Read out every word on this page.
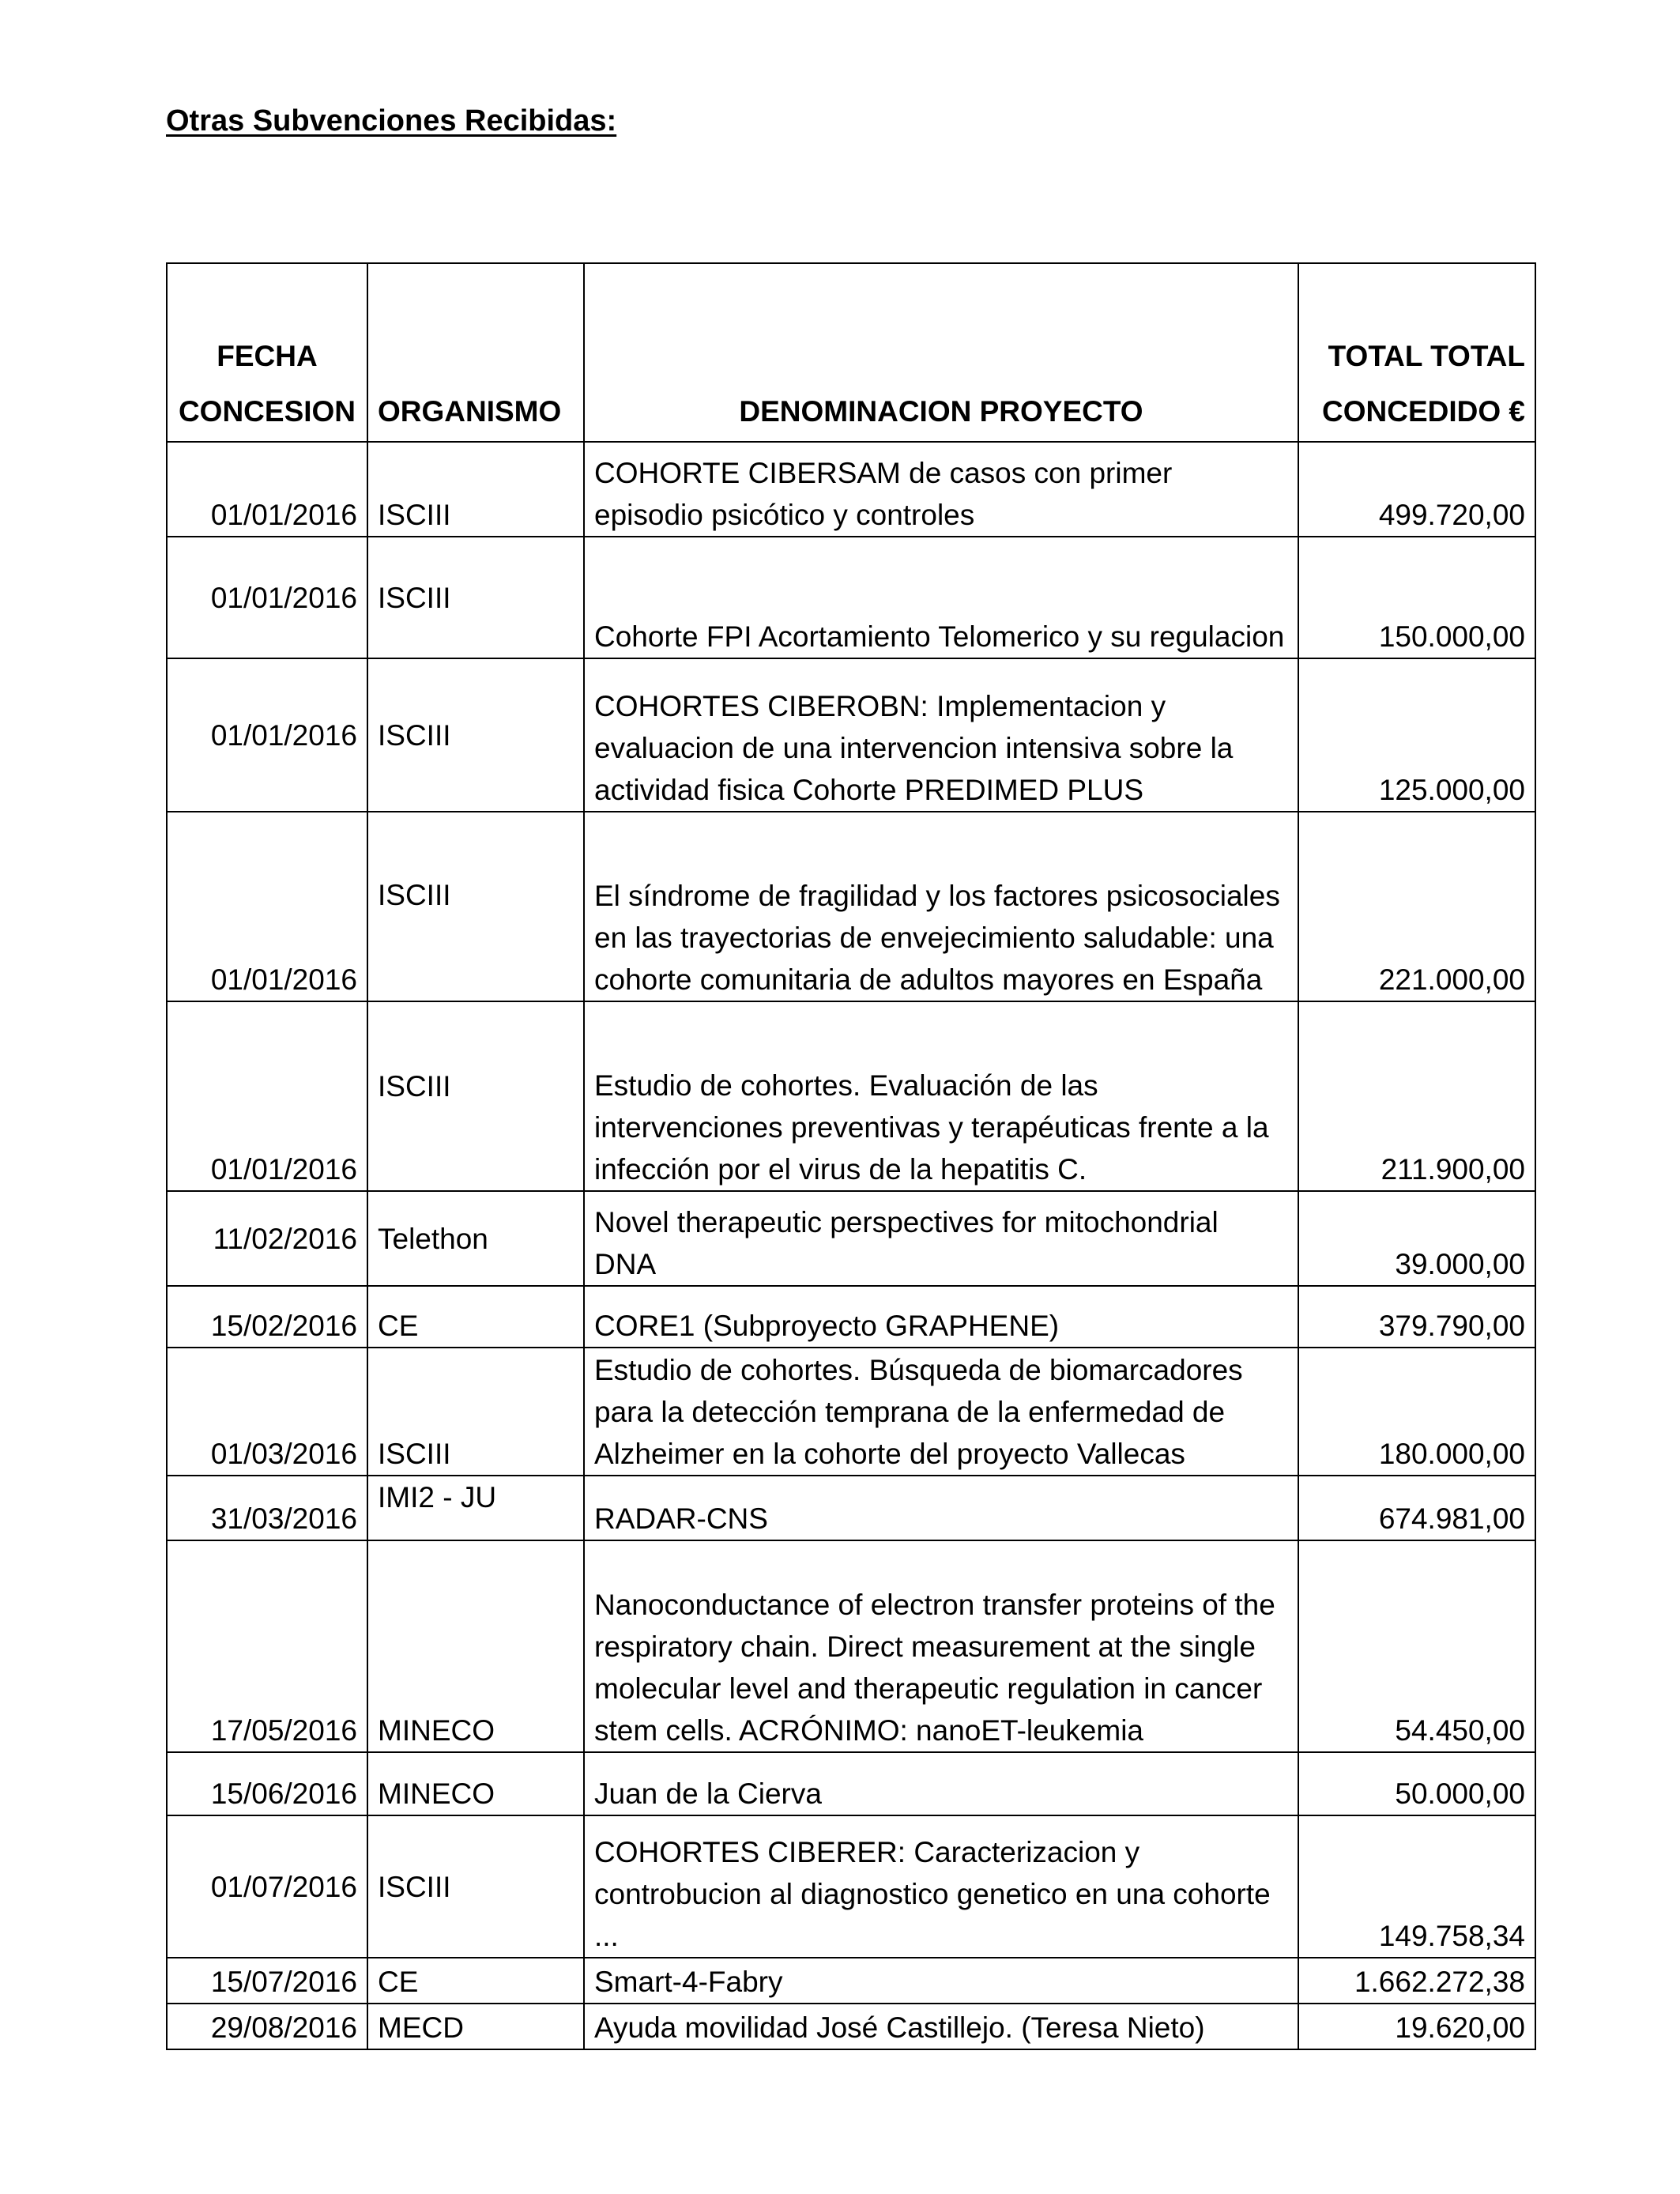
Otras Subvenciones Recibidas:
FECHA
CONCESION	ORGANISMO	DENOMINACION PROYECTO	TOTAL TOTAL
CONCEDIDO €
01/01/2016	ISCIII	COHORTE CIBERSAM de casos con primer episodio psicótico y controles	499.720,00
01/01/2016	ISCIII	Cohorte FPI Acortamiento Telomerico y su regulacion	150.000,00
01/01/2016	ISCIII	COHORTES CIBEROBN: Implementacion y evaluacion de una intervencion intensiva sobre la actividad fisica Cohorte PREDIMED PLUS	125.000,00
01/01/2016	ISCIII	El síndrome de fragilidad y los factores psicosociales en las trayectorias de envejecimiento saludable: una cohorte comunitaria de adultos mayores en España	221.000,00
01/01/2016	ISCIII	Estudio de cohortes. Evaluación de las intervenciones preventivas y terapéuticas frente a la infección por el virus de la hepatitis C.	211.900,00
11/02/2016	Telethon	Novel therapeutic perspectives for mitochondrial DNA	39.000,00
15/02/2016	CE	CORE1 (Subproyecto GRAPHENE)	379.790,00
01/03/2016	ISCIII	Estudio de cohortes. Búsqueda de biomarcadores para la detección temprana de la enfermedad de Alzheimer en la cohorte del proyecto Vallecas	180.000,00
31/03/2016	IMI2 - JU	RADAR-CNS	674.981,00
17/05/2016	MINECO	Nanoconductance of electron transfer proteins of the respiratory chain. Direct measurement at the single molecular level and therapeutic regulation in cancer stem cells. ACRÓNIMO: nanoET-leukemia	54.450,00
15/06/2016	MINECO	Juan de la Cierva	50.000,00
01/07/2016	ISCIII	COHORTES CIBERER: Caracterizacion y controbucion al diagnostico genetico en una cohorte ...	149.758,34
15/07/2016	CE	Smart-4-Fabry	1.662.272,38
29/08/2016	MECD	Ayuda movilidad José Castillejo. (Teresa Nieto)	19.620,00
